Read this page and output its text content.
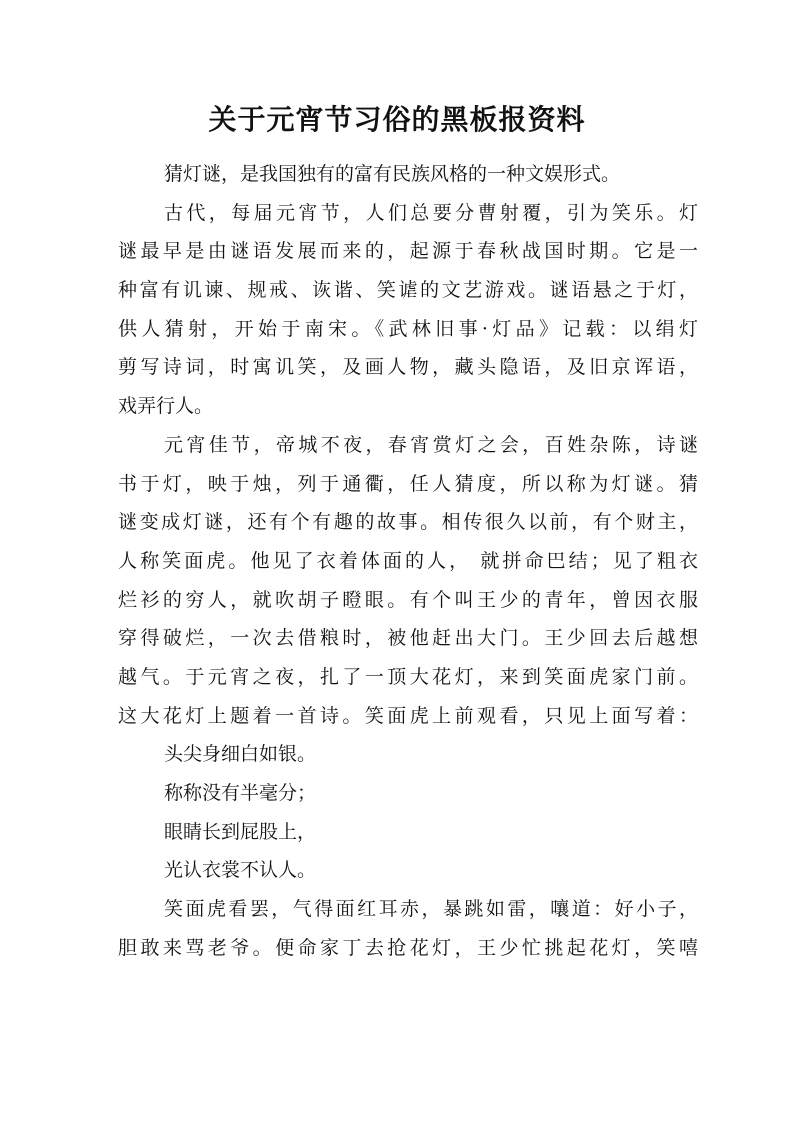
关于元宵节习俗的黑板报资料
猜灯谜，是我国独有的富有民族风格的一种文娱形式。
古代，每届元宵节，人们总要分曹射覆，引为笑乐。灯
谜最早是由谜语发展而来的，起源于春秋战国时期。它是一
种富有讥谏、规戒、诙谐、笑谑的文艺游戏。谜语悬之于灯，
供人猜射，开始于南宋。《武林旧事·灯品》记载：以绢灯
剪写诗词，时寓讥笑，及画人物，藏头隐语，及旧京诨语，
戏弄行人。
元宵佳节，帝城不夜，春宵赏灯之会，百姓杂陈，诗谜
书于灯，映于烛，列于通衢，任人猜度，所以称为灯谜。猜
谜变成灯谜，还有个有趣的故事。相传很久以前，有个财主，
人称笑面虎。他见了衣着体面的人， 就拼命巴结；见了粗衣
烂衫的穷人，就吹胡子瞪眼。有个叫王少的青年，曾因衣服
穿得破烂，一次去借粮时，被他赶出大门。王少回去后越想
越气。于元宵之夜，扎了一顶大花灯，来到笑面虎家门前。
这大花灯上题着一首诗。笑面虎上前观看，只见上面写着：
头尖身细白如银。
称称没有半毫分；
眼睛长到屁股上，
光认衣裳不认人。
笑面虎看罢，气得面红耳赤，暴跳如雷，嚷道：好小子，
胆敢来骂老爷。便命家丁去抢花灯，王少忙挑起花灯，笑嘻
